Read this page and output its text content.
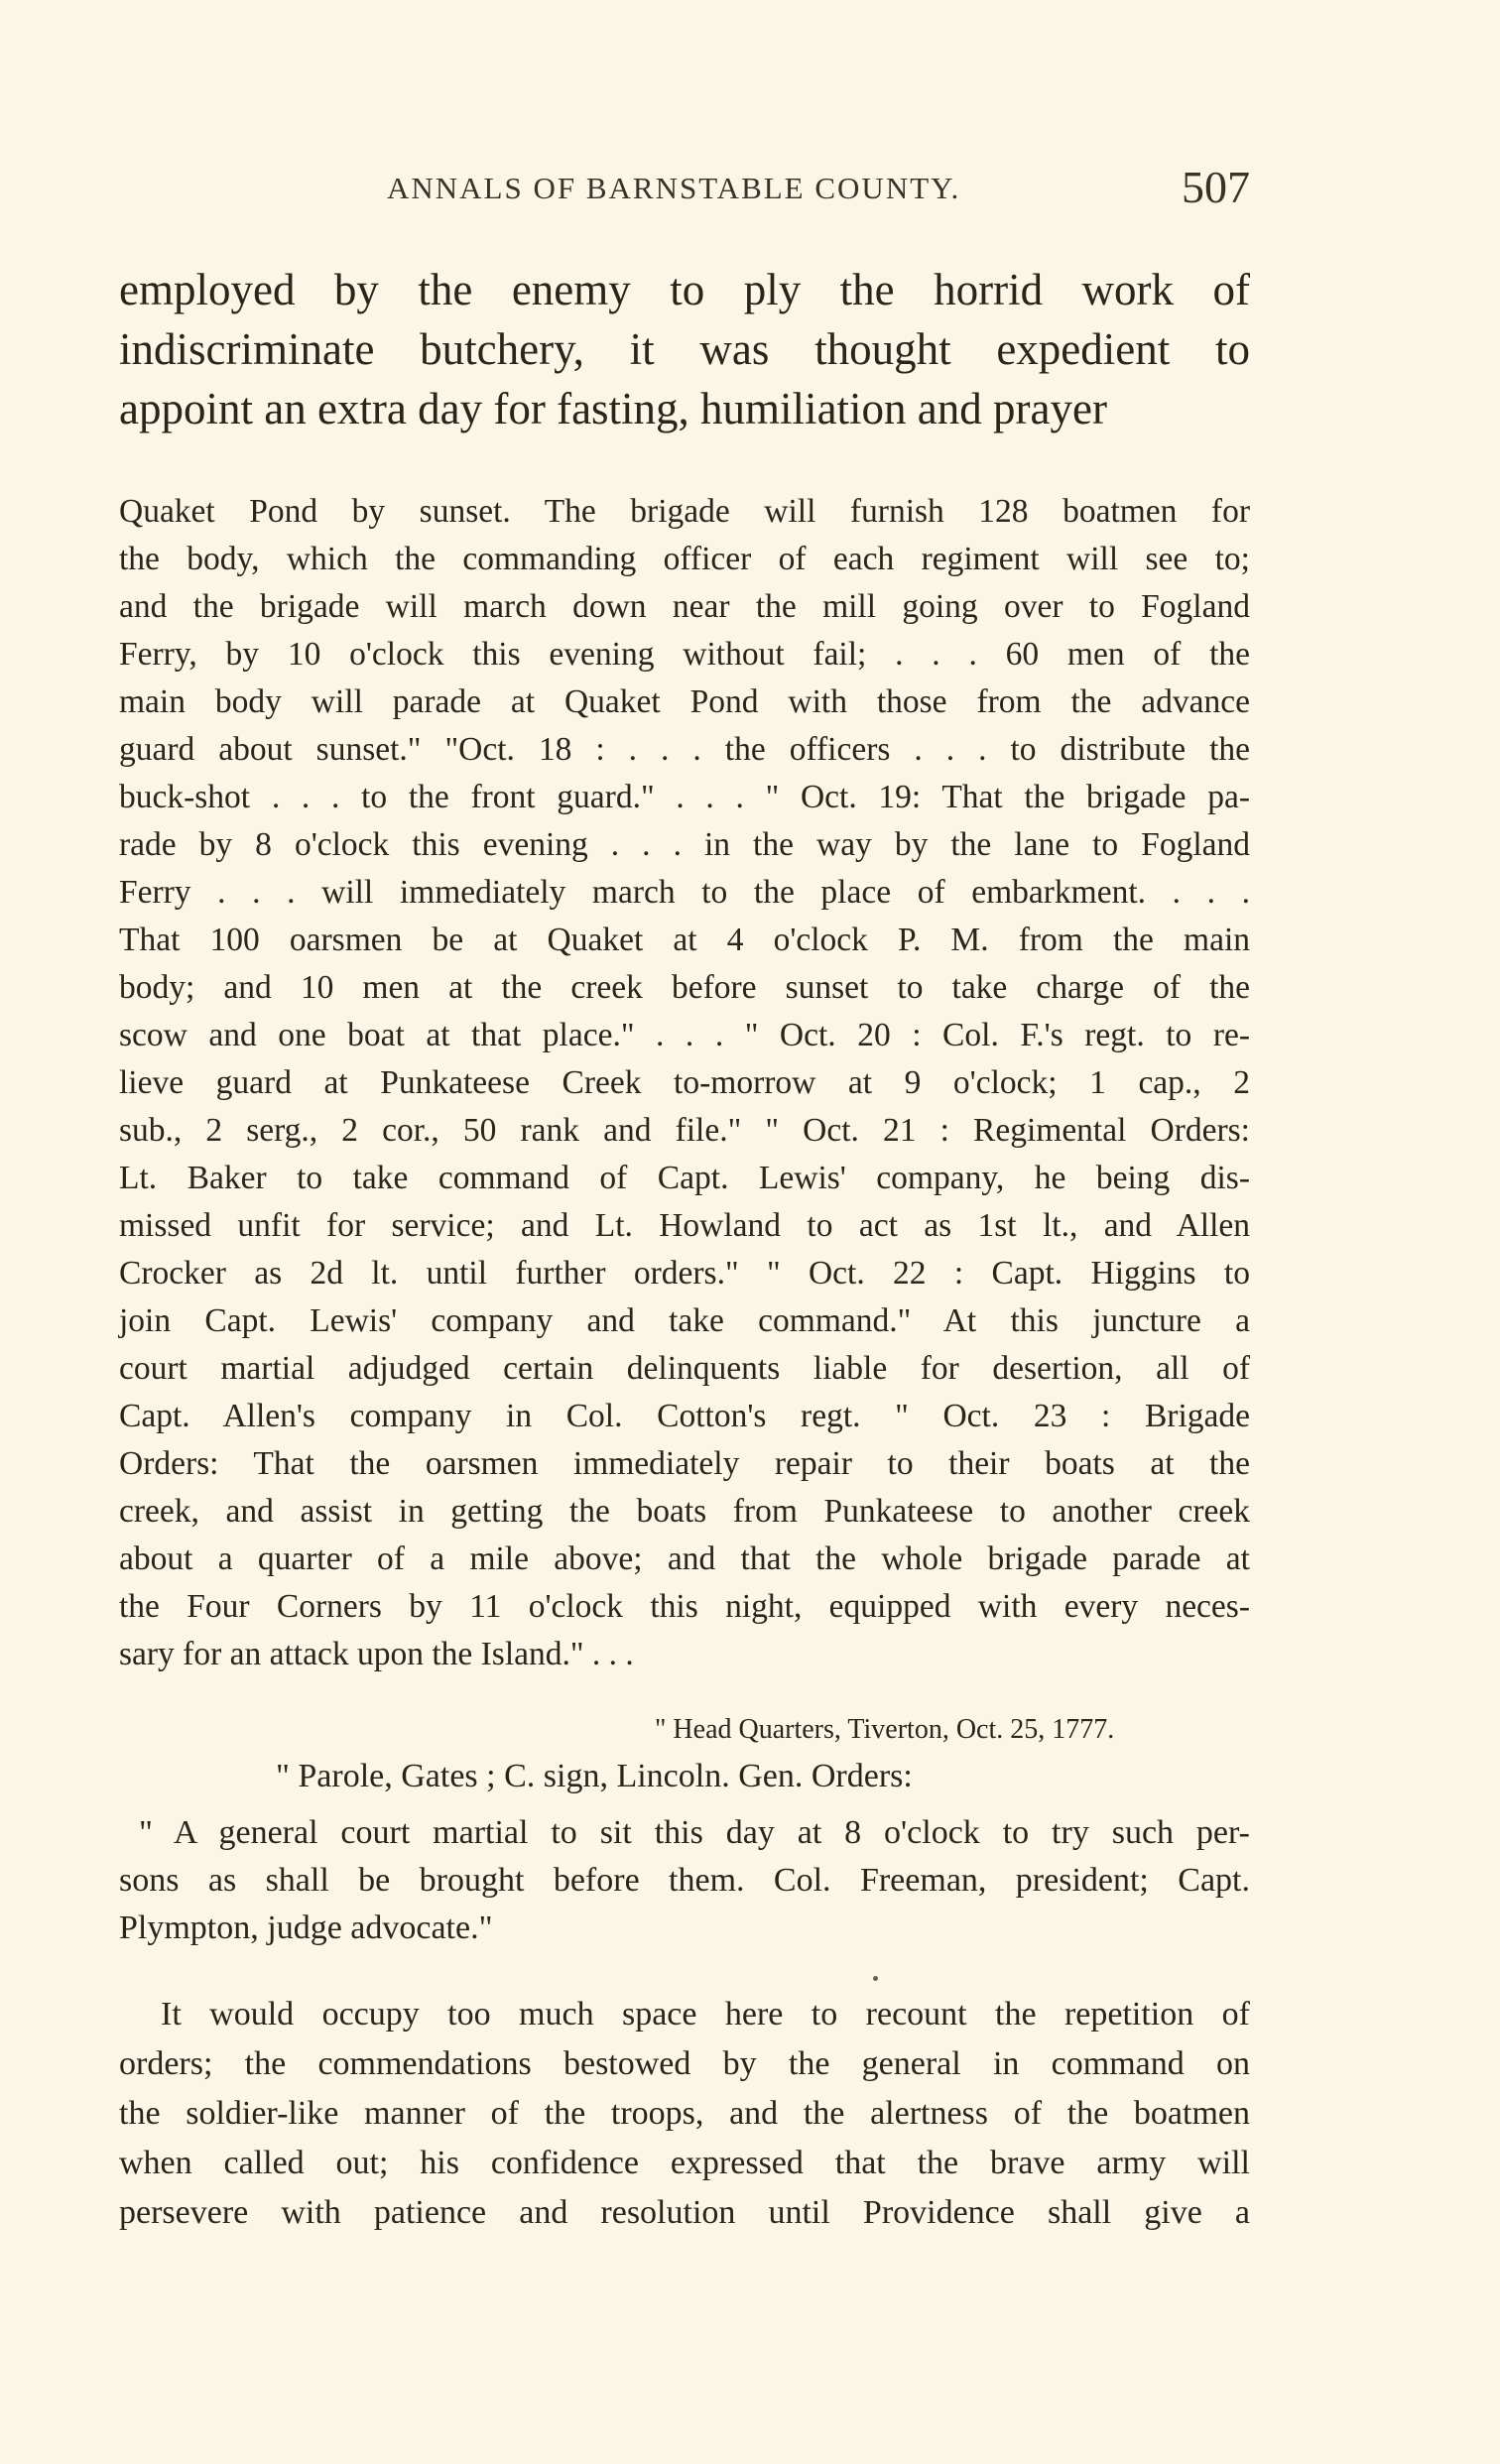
ANNALS OF BARNSTABLE COUNTY.	507
employed by the enemy to ply the horrid work of
indiscriminate butchery, it was thought expedient to
appoint an extra day for fasting, humiliation and prayer
Quaket Pond by sunset. The brigade will furnish 128 boatmen for
the body, which the commanding officer of each regiment will see to;
and the brigade will march down near the mill going over to Fogland
Ferry, by 10 o'clock this evening without fail; . . . 60 men of the
main body will parade at Quaket Pond with those from the advance
guard about sunset." "Oct. 18 : . . . the officers . . . to distribute the
buck-shot . . . to the front guard." . . . " Oct. 19: That the brigade pa-
rade by 8 o'clock this evening . . . in the way by the lane to Fogland
Ferry . . . will immediately march to the place of embarkment. . . .
That 100 oarsmen be at Quaket at 4 o'clock P. M. from the main
body; and 10 men at the creek before sunset to take charge of the
scow and one boat at that place." . . . " Oct. 20 : Col. F.'s regt. to re-
lieve guard at Punkateese Creek to-morrow at 9 o'clock; 1 cap., 2
sub., 2 serg., 2 cor., 50 rank and file." " Oct. 21 : Regimental Orders:
Lt. Baker to take command of Capt. Lewis' company, he being dis-
missed unfit for service; and Lt. Howland to act as 1st lt., and Allen
Crocker as 2d lt. until further orders." " Oct. 22 : Capt. Higgins to
join Capt. Lewis' company and take command." At this juncture a
court martial adjudged certain delinquents liable for desertion, all of
Capt. Allen's company in Col. Cotton's regt. " Oct. 23 : Brigade
Orders: That the oarsmen immediately repair to their boats at the
creek, and assist in getting the boats from Punkateese to another creek
about a quarter of a mile above; and that the whole brigade parade at
the Four Corners by 11 o'clock this night, equipped with every neces-
sary for an attack upon the Island." . . .
" Head Quarters, Tiverton, Oct. 25, 1777.
" Parole, Gates ; C. sign, Lincoln. Gen. Orders:
" A general court martial to sit this day at 8 o'clock to try such per-
sons as shall be brought before them. Col. Freeman, president; Capt.
Plympton, judge advocate."
It would occupy too much space here to recount the repetition of
orders; the commendations bestowed by the general in command on
the soldier-like manner of the troops, and the alertness of the boatmen
when called out; his confidence expressed that the brave army will
persevere with patience and resolution until Providence shall give a
